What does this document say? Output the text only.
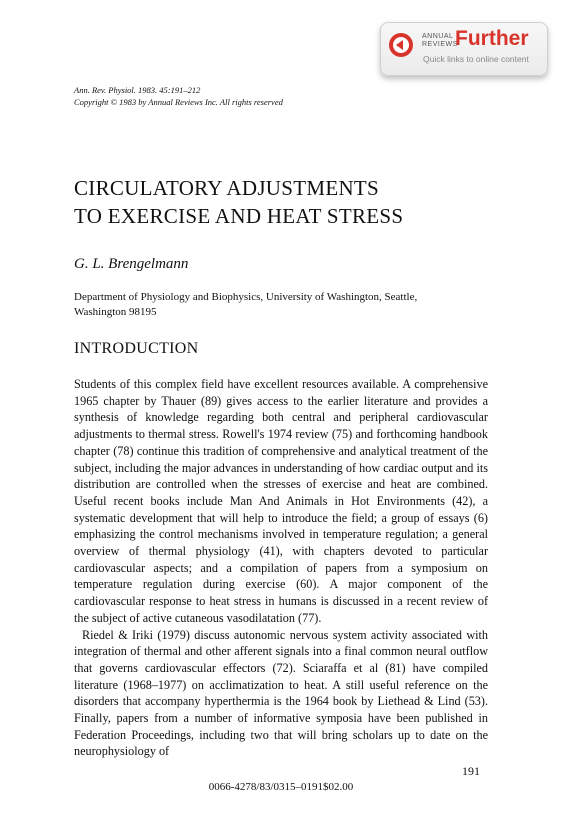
ANNUAL
REVIEWS
Further
Quick links to online content
Ann. Rev. Physiol. 1983. 45:191–212
Copyright © 1983 by Annual Reviews Inc. All rights reserved
CIRCULATORY ADJUSTMENTS
TO EXERCISE AND HEAT STRESS
G. L. Brengelmann
Department of Physiology and Biophysics, University of Washington, Seattle,
Washington 98195
INTRODUCTION

Students of this complex field have excellent resources available. A comprehensive 1965 chapter by Thauer (89) gives access to the earlier literature and provides a synthesis of knowledge regarding both central and peripheral cardiovascular adjustments to thermal stress. Rowell's 1974 review (75) and forthcoming handbook chapter (78) continue this tradition of comprehensive and analytical treatment of the subject, including the major advances in understanding of how cardiac output and its distribution are controlled when the stresses of exercise and heat are combined. Useful recent books include Man And Animals in Hot Environments (42), a systematic development that will help to introduce the field; a group of essays (6) emphasizing the control mechanisms involved in temperature regulation; a general overview of thermal physiology (41), with chapters devoted to particular cardiovascular aspects; and a compilation of papers from a symposium on temperature regulation during exercise (60). A major component of the cardiovascular response to heat stress in humans is discussed in a recent review of the subject of active cutaneous vasodilatation (77).

Riedel & Iriki (1979) discuss autonomic nervous system activity associated with integration of thermal and other afferent signals into a final common neural outflow that governs cardiovascular effectors (72). Sciaraffa et al (81) have compiled literature (1968–1977) on acclimatization to heat. A still useful reference on the disorders that accompany hyperthermia is the 1964 book by Liethead & Lind (53). Finally, papers from a number of informative symposia have been published in Federation Proceedings, including two that will bring scholars up to date on the neurophysiology of

191
0066-4278/83/0315–0191$02.00
